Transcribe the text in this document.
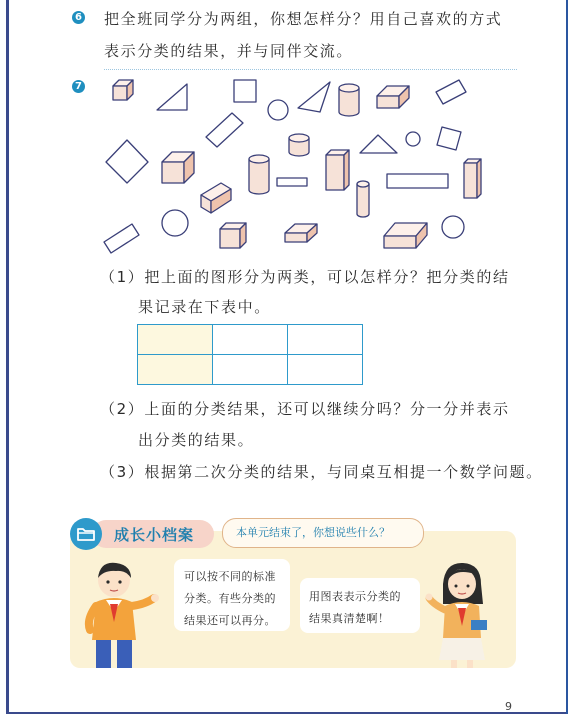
6 把全班同学分为两组，你想怎样分？用自己喜欢的方式
表示分类的结果，并与同伴交流。
7
（1）把上面的图形分为两类，可以怎样分？把分类的结
果记录在下表中。

（2）上面的分类结果，还可以继续分吗？分一分并表示
出分类的结果。
（3）根据第二次分类的结果，与同桌互相提一个数学问题。
成长小档案	本单元结束了，你想说些什么？
可以按不同的标准
分类。有些分类的
结果还可以再分。
用图表表示分类的
结果真清楚啊！
9
